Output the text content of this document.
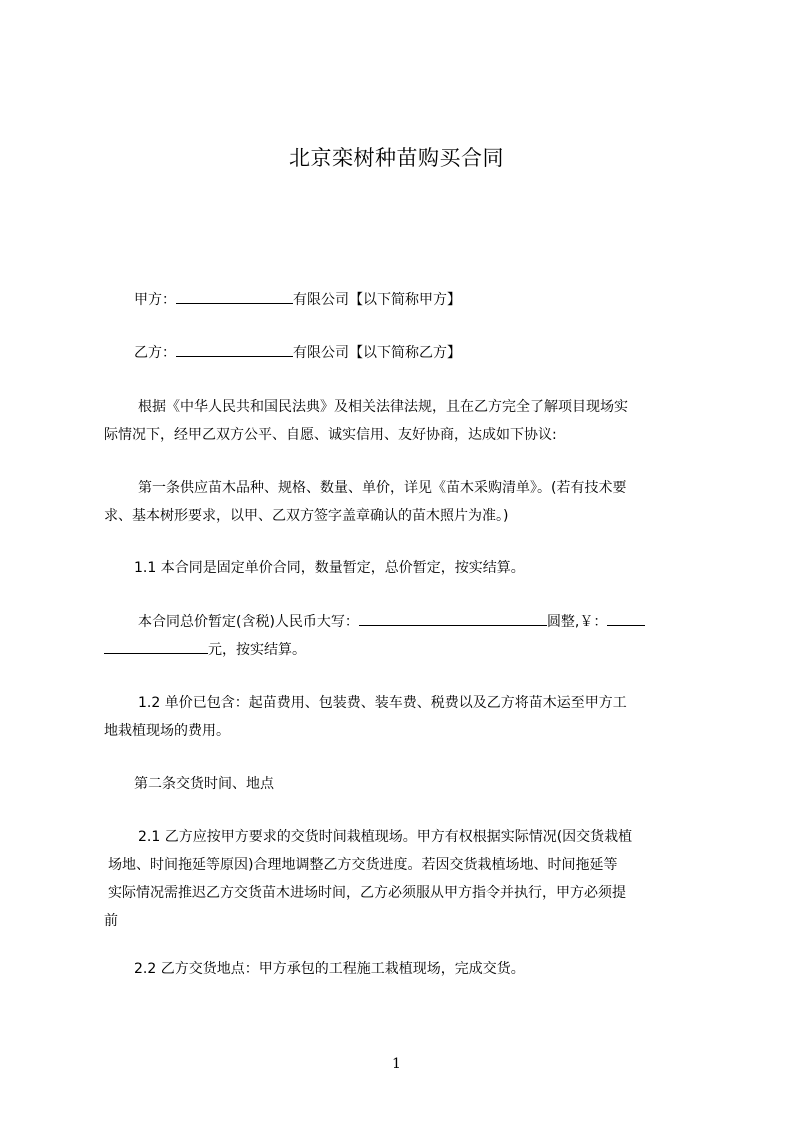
北京栾树种苗购买合同

甲方：	有限公司【以下简称甲方】

乙方：	有限公司【以下简称乙方】

根据《中华人民共和国民法典》及相关法律法规，且在乙方完全了解项目现场实
际情况下，经甲乙双方公平、自愿、诚实信用、友好协商，达成如下协议:
第一条供应苗木品种、规格、数量、单价，详见《苗木采购清单》。(若有技术要
求、基本树形要求，以甲、乙双方签字盖章确认的苗木照片为准。)

1.1 本合同是固定单价合同，数量暂定，总价暂定，按实结算。

本合同总价暂定(含税)人民币大写：	圆整,￥：
元，按实结算。
1.2 单价已包含：起苗费用、包装费、装车费、税费以及乙方将苗木运至甲方工
地栽植现场的费用。

第二条交货时间、地点

2.1 乙方应按甲方要求的交货时间栽植现场。甲方有权根据实际情况(因交货栽植
场地、时间拖延等原因)合理地调整乙方交货进度。若因交货栽植场地、时间拖延等
实际情况需推迟乙方交货苗木进场时间，乙方必须服从甲方指令并执行，甲方必须提
前

2.2 乙方交货地点：甲方承包的工程施工栽植现场，完成交货。

1
